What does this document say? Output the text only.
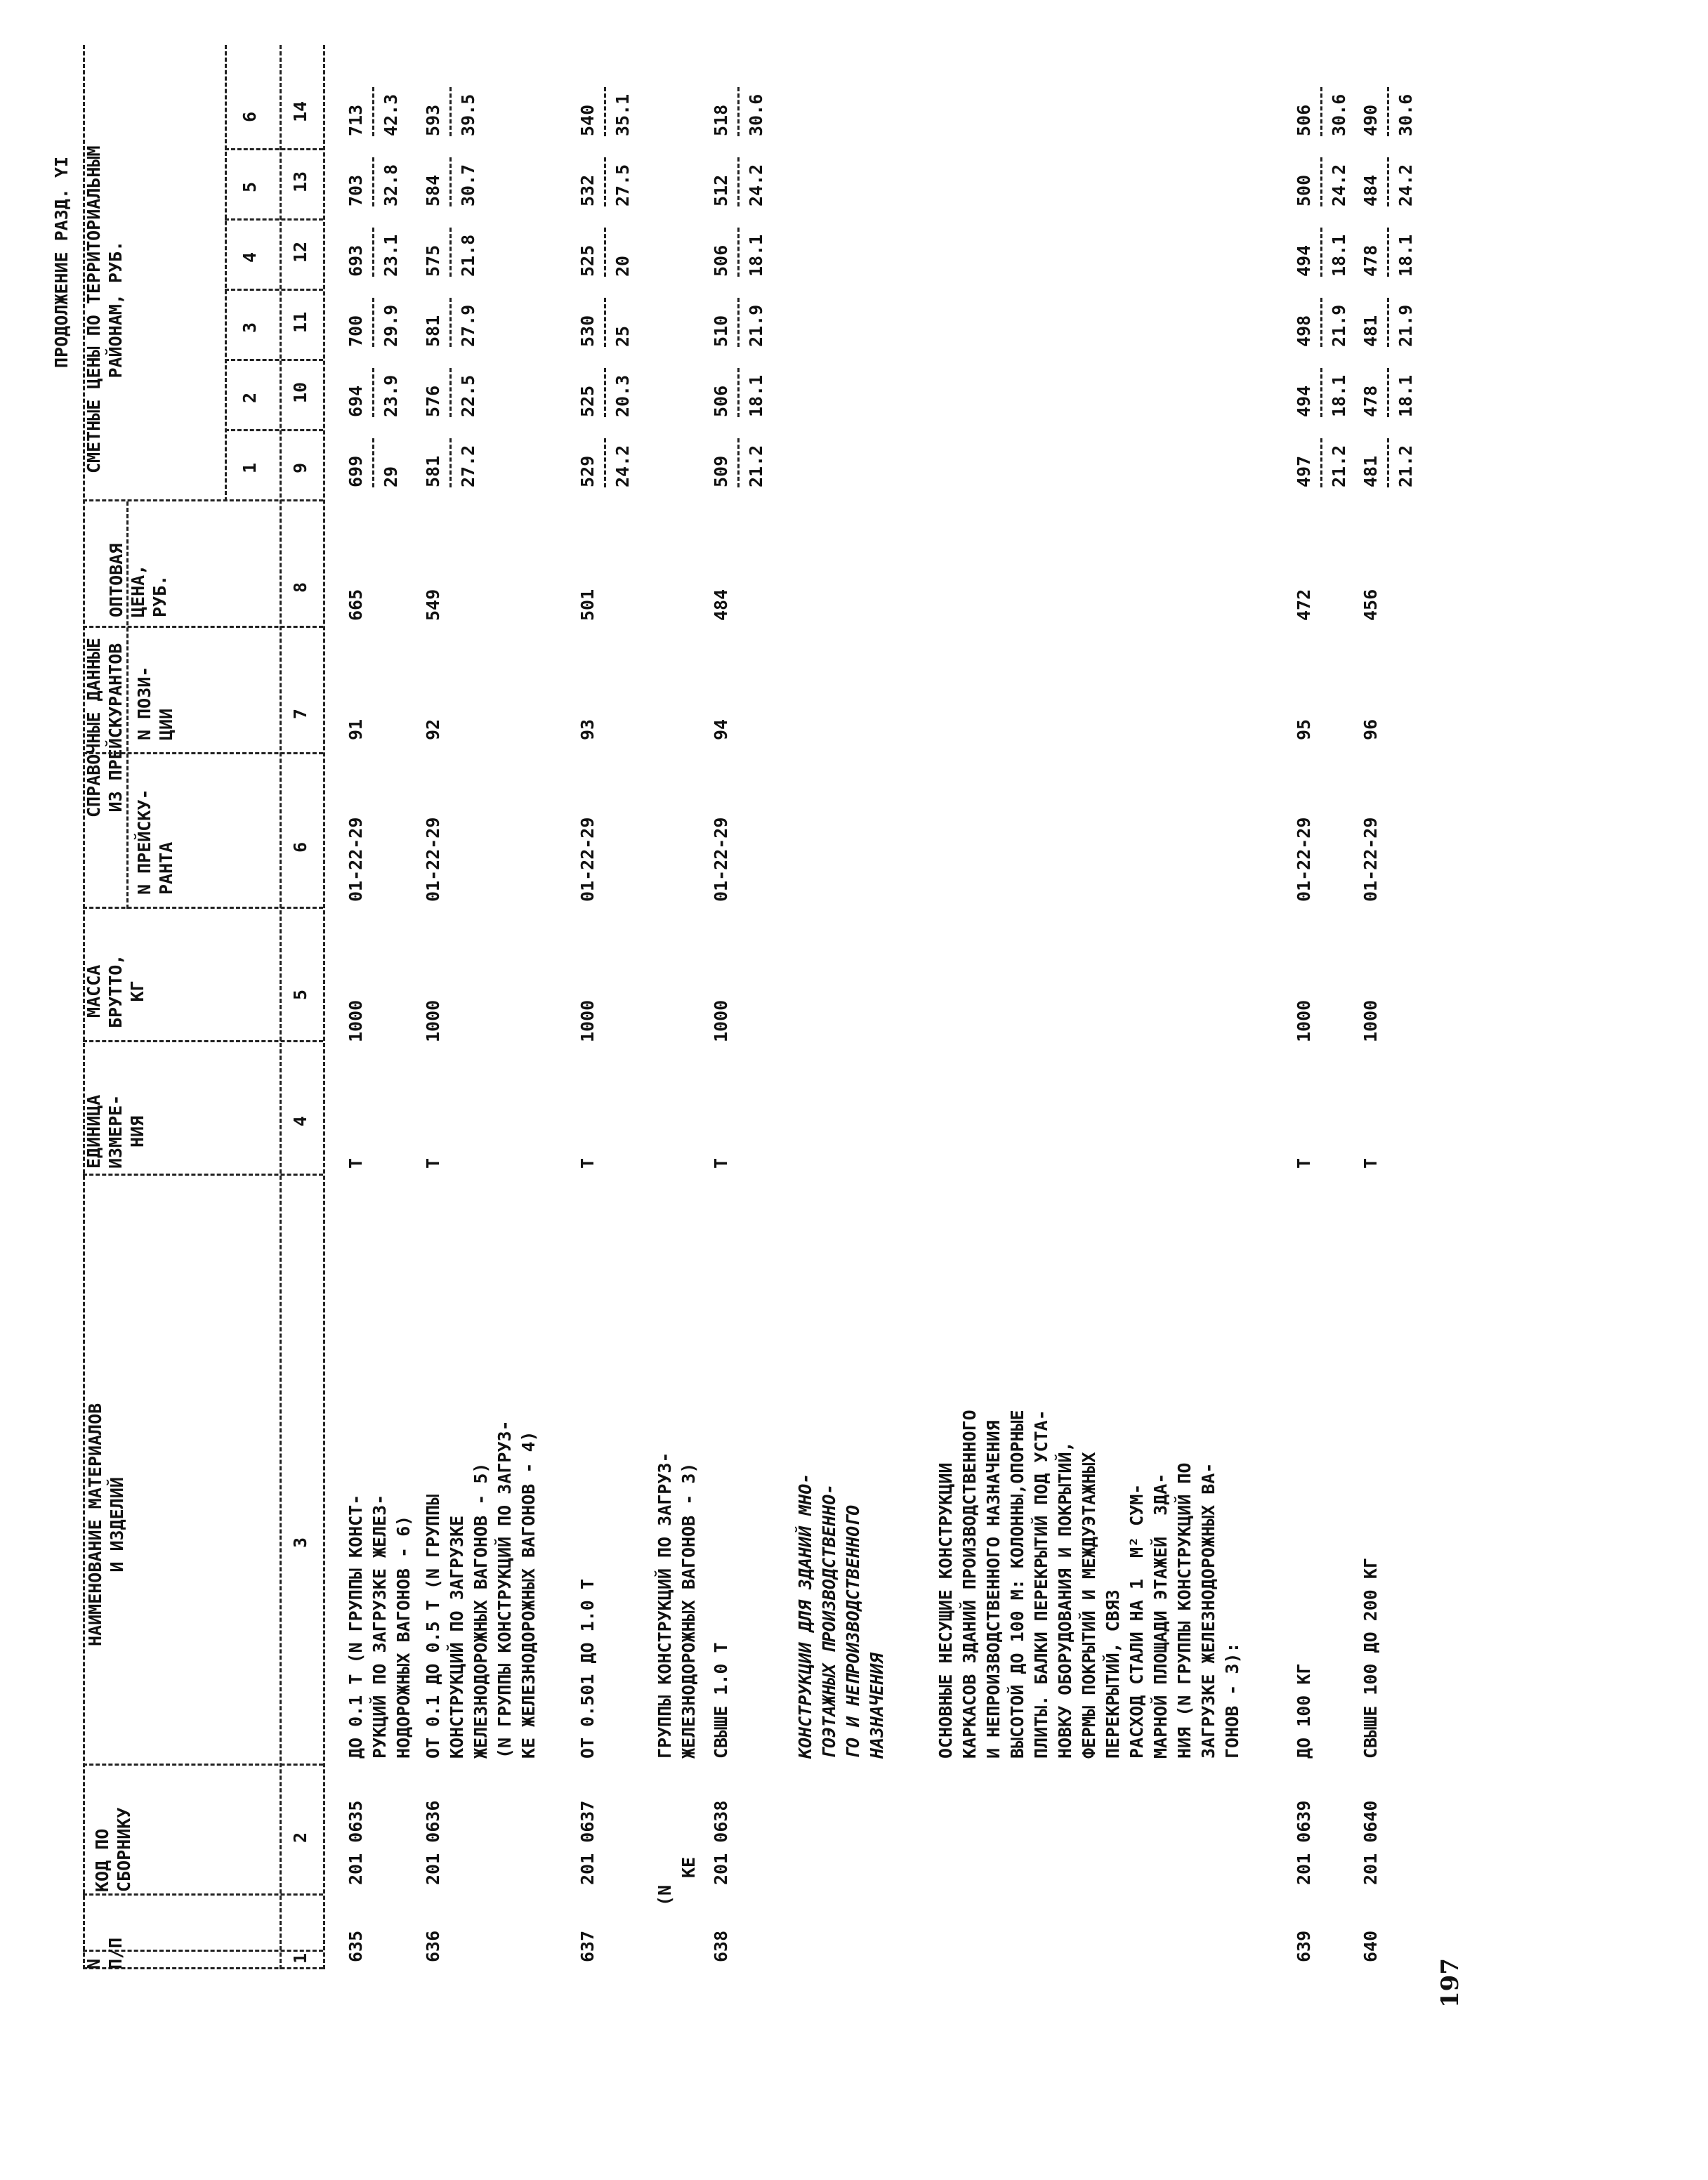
ПРОДОЛЖЕНИЕ РАЗД. YI
197
N
П/П
КОД ПО
СБОРНИКУ
НАИМЕНОВАНИЕ МАТЕРИАЛОВ
И ИЗДЕЛИЙ
ЕДИНИЦА
ИЗМЕРЕ-
НИЯ
МАССА
БРУТТО,
КГ
СПРАВОЧНЫЕ ДАННЫЕ
ИЗ ПРЕЙСКУРАНТОВ
N ПРЕЙСКУ-
РАНТА
N ПОЗИ-
ЦИИ
ОПТОВАЯ
ЦЕНА,
РУБ.
СМЕТНЫЕ ЦЕНЫ ПО ТЕРРИТОРИАЛЬНЫМ
РАЙОНАМ, РУБ.
1
2
3
4
5
6
1
2
3
4
5
6
7
8
9
10
11
12
13
14
635
201 0635
ДО 0.1 Т (N ГРУППЫ КОНСТ-
РУКЦИЙ ПО ЗАГРУЗКЕ ЖЕЛЕЗ-
НОДОРОЖНЫХ ВАГОНОВ - 6)
Т
1000
01-22-29
91
665
699 29
694 23.9
700 29.9
693 23.1
703 32.8
713 42.3
636
201 0636
ОТ 0.1 ДО 0.5 Т (N ГРУППЫ
КОНСТРУКЦИЙ ПО ЗАГРУЗКЕ
ЖЕЛЕЗНОДОРОЖНЫХ ВАГОНОВ - 5)
(N ГРУППЫ КОНСТРУКЦИЙ ПО ЗАГРУЗ-
КЕ ЖЕЛЕЗНОДОРОЖНЫХ ВАГОНОВ - 4)
Т
1000
01-22-29
92
549
581 27.2
576 22.5
581 27.9
575 21.8
584 30.7
593 39.5
637
201 0637
ОТ 0.501 ДО 1.0 Т
Т
1000
01-22-29
93
501
529 24.2
525 20.3
530 25
525 20
532 27.5
540 35.1
(N
ГРУППЫ КОНСТРУКЦИЙ ПО ЗАГРУЗ-
КЕ
ЖЕЛЕЗНОДОРОЖНЫХ ВАГОНОВ - 3)
638
201 0638
СВЫШЕ 1.0 Т
Т
1000
01-22-29
94
484
509 21.2
506 18.1
510 21.9
506 18.1
512 24.2
518 30.6
КОНСТРУКЦИИ ДЛЯ ЗДАНИЙ МНО-
ГОЭТАЖНЫХ ПРОИЗВОДСТВЕННО-
ГО И НЕПРОИЗВОДСТВЕННОГО
НАЗНАЧЕНИЯ	ОСНОВНЫЕ НЕСУЩИЕ КОНСТРУКЦИИ
КАРКАСОВ ЗДАНИЙ ПРОИЗВОДСТВЕННОГО
И НЕПРОИЗВОДСТВЕННОГО НАЗНАЧЕНИЯ
ВЫСОТОЙ ДО 100 М: КОЛОННЫ,ОПОРНЫЕ
ПЛИТЫ. БАЛКИ ПЕРЕКРЫТИЙ ПОД УСТА-
НОВКУ ОБОРУДОВАНИЯ И ПОКРЫТИЙ,
ФЕРМЫ ПОКРЫТИЙ И МЕЖДУЭТАЖНЫХ
ПЕРЕКРЫТИЙ, СВЯЗ
РАСХОД СТАЛИ НА 1  М² СУМ-
МАРНОЙ ПЛОЩАДИ ЭТАЖЕЙ  ЗДА-
НИЯ (N ГРУППЫ КОНСТРУКЦИЙ ПО
ЗАГРУЗКЕ ЖЕЛЕЗНОДОРОЖНЫХ ВА-
ГОНОВ - 3):
639
201 0639
ДО 100 КГ
Т
1000
01-22-29
95
472
497 21.2
494 18.1
498 21.9
494 18.1
500 24.2
506 30.6
640
201 0640
СВЫШЕ 100 ДО 200 КГ
Т
1000
01-22-29
96
456
481 21.2
478 18.1
481 21.9
478 18.1
484 24.2
490 30.6
